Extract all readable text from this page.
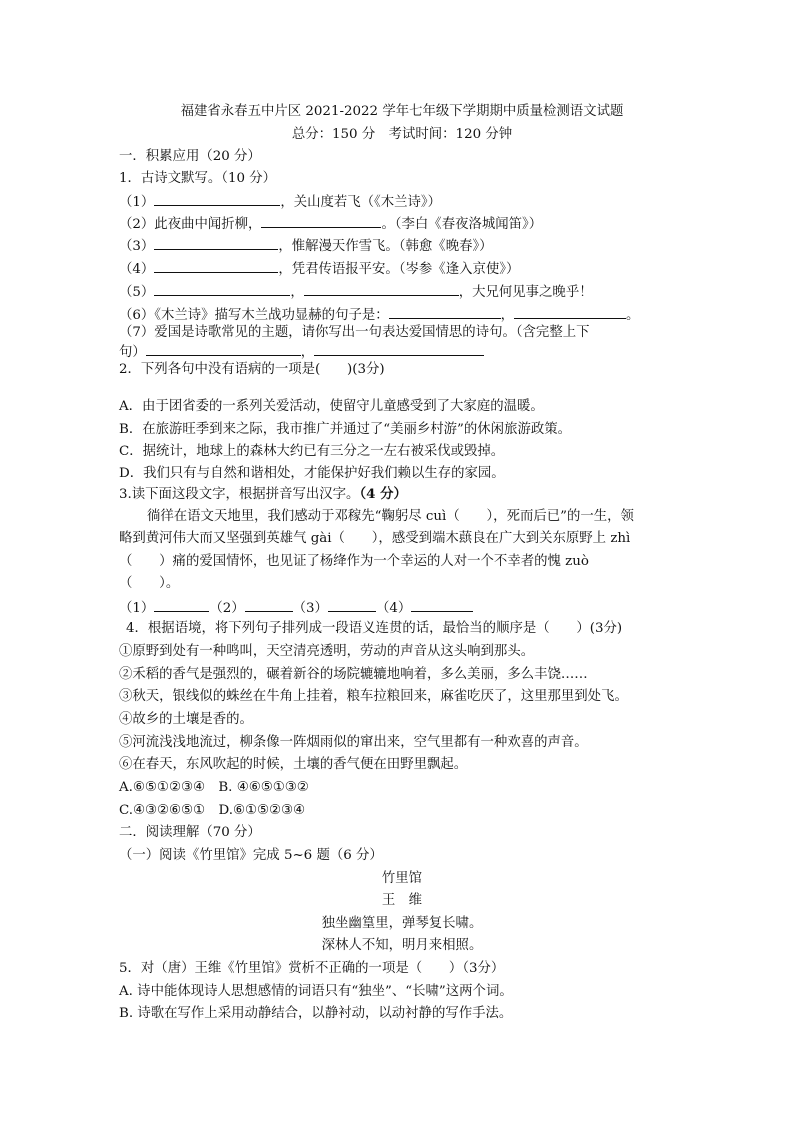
福建省永春五中片区 2021-2022 学年七年级下学期期中质量检测语文试题
总分：150 分　考试时间：120 分钟
一．积累应用（20 分）
1．古诗文默写。（10 分）
（1）	，关山度若飞（《木兰诗》）
（2）此夜曲中闻折柳，	。（李白《春夜洛城闻笛》）
（3）	，惟解漫天作雪飞。（韩愈《晚春》）
（4）	，凭君传语报平安。（岑参《逢入京使》）
（5）	，	，大兄何见事之晚乎！
（6）《木兰诗》描写木兰战功显赫的句子是：	，	。
（7）爱国是诗歌常见的主题，请你写出一句表达爱国情思的诗句。（含完整上下
句）	，
2．下列各句中没有语病的一项是(　　)(3分)
A．由于团省委的一系列关爱活动，使留守儿童感受到了大家庭的温暖。
B．在旅游旺季到来之际，我市推广并通过了“美丽乡村游”的休闲旅游政策。
C．据统计，地球上的森林大约已有三分之一左右被采伐或毁掉。
D．我们只有与自然和谐相处，才能保护好我们赖以生存的家园。
3.读下面这段文字，根据拼音写出汉字。（4 分）
徜徉在语文天地里，我们感动于邓稼先“鞠躬尽 cuì（　　），死而后已”的一生，领
略到黄河伟大而又坚强到英雄气 gài（　　），感受到端木蕻良在广大到关东原野上 zhì
（　　）痛的爱国情怀，也见证了杨绛作为一个幸运的人对一个不幸者的愧 zuò
（　　）。
（1）	（2）	（3）	（4）
4．根据语境，将下列句子排列成一段语义连贯的话，最恰当的顺序是（　　）(3分)
①原野到处有一种鸣叫，天空清亮透明，劳动的声音从这头响到那头。
②禾稻的香气是强烈的，碾着新谷的场院辘辘地响着，多么美丽，多么丰饶……
③秋天，银线似的蛛丝在牛角上挂着，粮车拉粮回来，麻雀吃厌了，这里那里到处飞。
④故乡的土壤是香的。
⑤河流浅浅地流过，柳条像一阵烟雨似的窜出来，空气里都有一种欢喜的声音。
⑥在春天，东风吹起的时候，土壤的香气便在田野里飘起。
A.⑥⑤①②③④　B. ④⑥⑤①③②
C.④③②⑥⑤①　D.⑥①⑤②③④
二．阅读理解（70 分）
（一）阅读《竹里馆》完成 5~6 题（6 分）
竹里馆
王　维
独坐幽篁里，弹琴复长啸。
深林人不知，明月来相照。
5．对（唐）王维《竹里馆》赏析不正确的一项是（　　）（3分）
A. 诗中能体现诗人思想感情的词语只有“独坐”、“长啸”这两个词。
B. 诗歌在写作上采用动静结合，以静衬动，以动衬静的写作手法。
